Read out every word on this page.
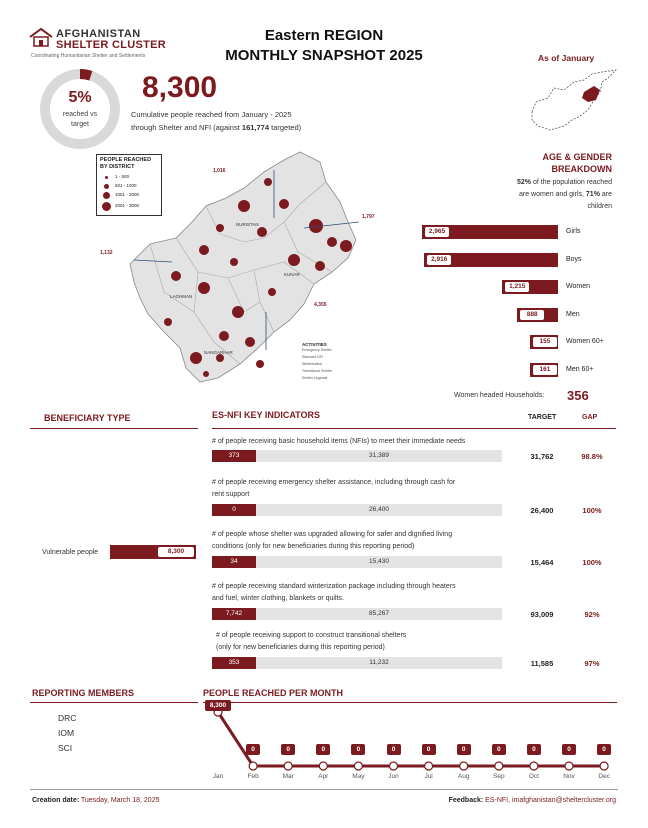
AFGHANISTAN
SHELTER CLUSTER
Coordinating Humanitarian Shelter and Settlements
Eastern REGION
MONTHLY SNAPSHOT 2025	As of January
5%
reached vs
target
8,300
Cumulative people reached from January - 2025
through Shelter and NFI (against 161,774 targeted)
PEOPLE REACHED
BY DISTRICT
1 - 500
501 - 1000
1001 - 2000
2001 - 3000
1,016
1,797
1,132
4,355
NURISTAN
KUNAR
LAGHMAN
NANGARHAR
ACTIVITIES
Emergency Shelter
Standard NFI
Winterization
Transitional Shelter
Shelter Upgrade
AGE & GENDER
BREAKDOWN
52% of the population reached
are women and girls, 71% are
children
2,965	Girls
2,916	Boys
1,215	Women
888	Men
155	Women 60+
161	Men 60+
Women headed Households: 356
BENEFICIARY TYPE
Vulnerable people	8,300
ES-NFI KEY INDICATORS	TARGET	GAP
# of people receiving basic household items (NFIs) to meet their immediate needs
373	31,389	31,762	98.8%
# of people receiving emergency shelter assistance, including through cash for
rent support
0	26,400	26,400	100%
# of people whose shelter was upgraded allowing for safer and dignified living
conditions (only for new beneficiaries during this reporting period)
34	15,430	15,464	100%
# of people receiving standard winterization package including through heaters
and fuel, winter clothing, blankets or quilts.
7,742	85,267	93,009	92%
# of people receiving support to construct transitional shelters
(only for new beneficiaries during this reporting period)
353	11,232	11,585	97%
REPORTING MEMBERS
DRC
IOM
SCI
PEOPLE REACHED PER MONTH
Jan
8,300
Feb
0
Mar
0
Apr
0
May
0
Jun
0
Jul
0
Aug
0
Sep
0
Oct
0
Nov
0
Dec
0
Creation date: Tuesday, March 18, 2025	Feedback: ES-NFI, imafghanistan@sheltercluster.org
